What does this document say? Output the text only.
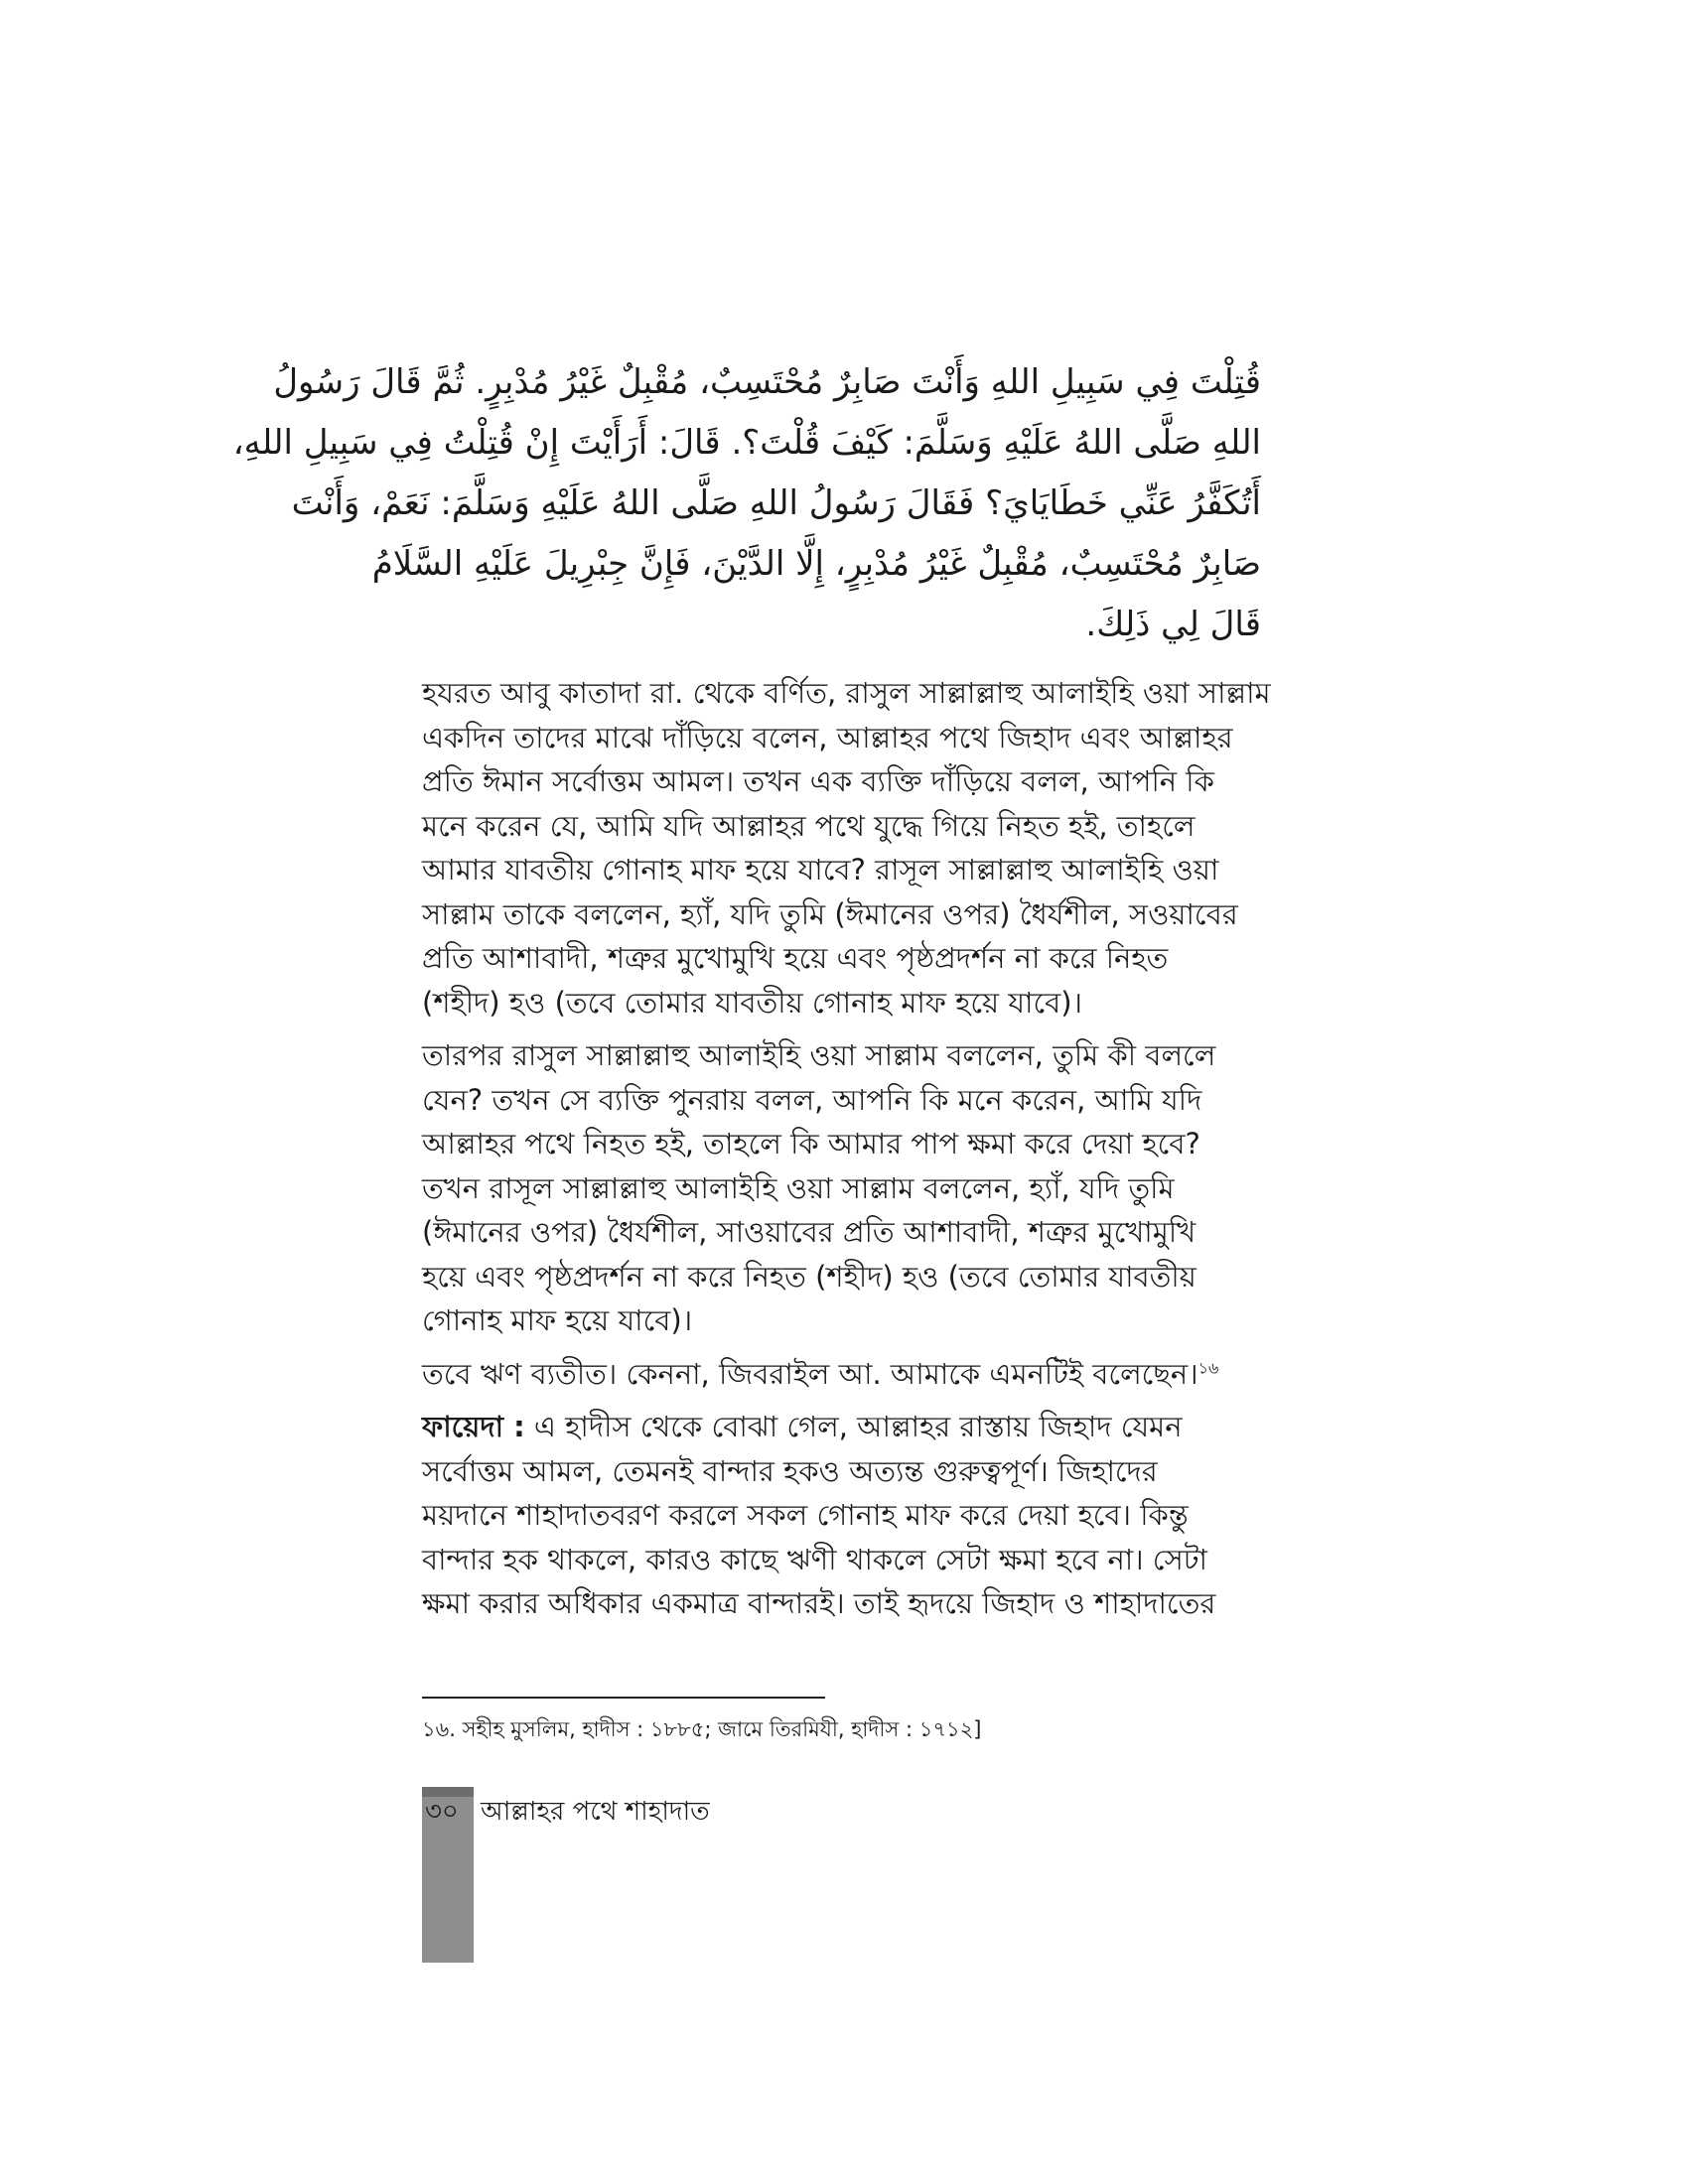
قُتِلْتَ فِي سَبِيلِ اللهِ وَأَنْتَ صَابِرٌ مُحْتَسِبٌ، مُقْبِلٌ غَيْرُ مُدْبِرٍ. ثُمَّ قَالَ رَسُولُ
اللهِ صَلَّى اللهُ عَلَيْهِ وَسَلَّمَ: كَيْفَ قُلْتَ؟. قَالَ: أَرَأَيْتَ إِنْ قُتِلْتُ فِي سَبِيلِ اللهِ،
أَتُكَفَّرُ عَنِّي خَطَايَايَ؟ فَقَالَ رَسُولُ اللهِ صَلَّى اللهُ عَلَيْهِ وَسَلَّمَ: نَعَمْ، وَأَنْتَ
صَابِرٌ مُحْتَسِبٌ، مُقْبِلٌ غَيْرُ مُدْبِرٍ، إِلَّا الدَّيْنَ، فَإِنَّ جِبْرِيلَ عَلَيْهِ السَّلَامُ
قَالَ لِي ذَلِكَ.
হযরত আবু কাতাদা রা. থেকে বর্ণিত, রাসুল সাল্লাল্লাহু আলাইহি ওয়া সাল্লাম
একদিন তাদের মাঝে দাঁড়িয়ে বলেন, আল্লাহর পথে জিহাদ এবং আল্লাহর
প্রতি ঈমান সর্বোত্তম আমল। তখন এক ব্যক্তি দাঁড়িয়ে বলল, আপনি কি
মনে করেন যে, আমি যদি আল্লাহর পথে যুদ্ধে গিয়ে নিহত হই, তাহলে
আমার যাবতীয় গোনাহ মাফ হয়ে যাবে? রাসূল সাল্লাল্লাহু আলাইহি ওয়া
সাল্লাম তাকে বললেন, হ্যাঁ, যদি তুমি (ঈমানের ওপর) ধৈর্যশীল, সওয়াবের
প্রতি আশাবাদী, শত্রুর মুখোমুখি হয়ে এবং পৃষ্ঠপ্রদর্শন না করে নিহত
(শহীদ) হও (তবে তোমার যাবতীয় গোনাহ মাফ হয়ে যাবে)।
তারপর রাসুল সাল্লাল্লাহু আলাইহি ওয়া সাল্লাম বললেন, তুমি কী বললে
যেন? তখন সে ব্যক্তি পুনরায় বলল, আপনি কি মনে করেন, আমি যদি
আল্লাহর পথে নিহত হই, তাহলে কি আমার পাপ ক্ষমা করে দেয়া হবে?
তখন রাসূল সাল্লাল্লাহু আলাইহি ওয়া সাল্লাম বললেন, হ্যাঁ, যদি তুমি
(ঈমানের ওপর) ধৈর্যশীল, সাওয়াবের প্রতি আশাবাদী, শত্রুর মুখোমুখি
হয়ে এবং পৃষ্ঠপ্রদর্শন না করে নিহত (শহীদ) হও (তবে তোমার যাবতীয়
গোনাহ মাফ হয়ে যাবে)।
তবে ঋণ ব্যতীত। কেননা, জিবরাইল আ. আমাকে এমনটিই বলেছেন।$^{১৬}$
ফায়েদা : এ হাদীস থেকে বোঝা গেল, আল্লাহর রাস্তায় জিহাদ যেমন
সর্বোত্তম আমল, তেমনই বান্দার হকও অত্যন্ত গুরুত্বপূর্ণ। জিহাদের
ময়দানে শাহাদাতবরণ করলে সকল গোনাহ মাফ করে দেয়া হবে। কিন্তু
বান্দার হক থাকলে, কারও কাছে ঋণী থাকলে সেটা ক্ষমা হবে না। সেটা
ক্ষমা করার অধিকার একমাত্র বান্দারই। তাই হৃদয়ে জিহাদ ও শাহাদাতের
১৬. সহীহ মুসলিম, হাদীস : ১৮৮৫; জামে তিরমিযী, হাদীস : ১৭১২]
৩০ আল্লাহর পথে শাহাদাত
